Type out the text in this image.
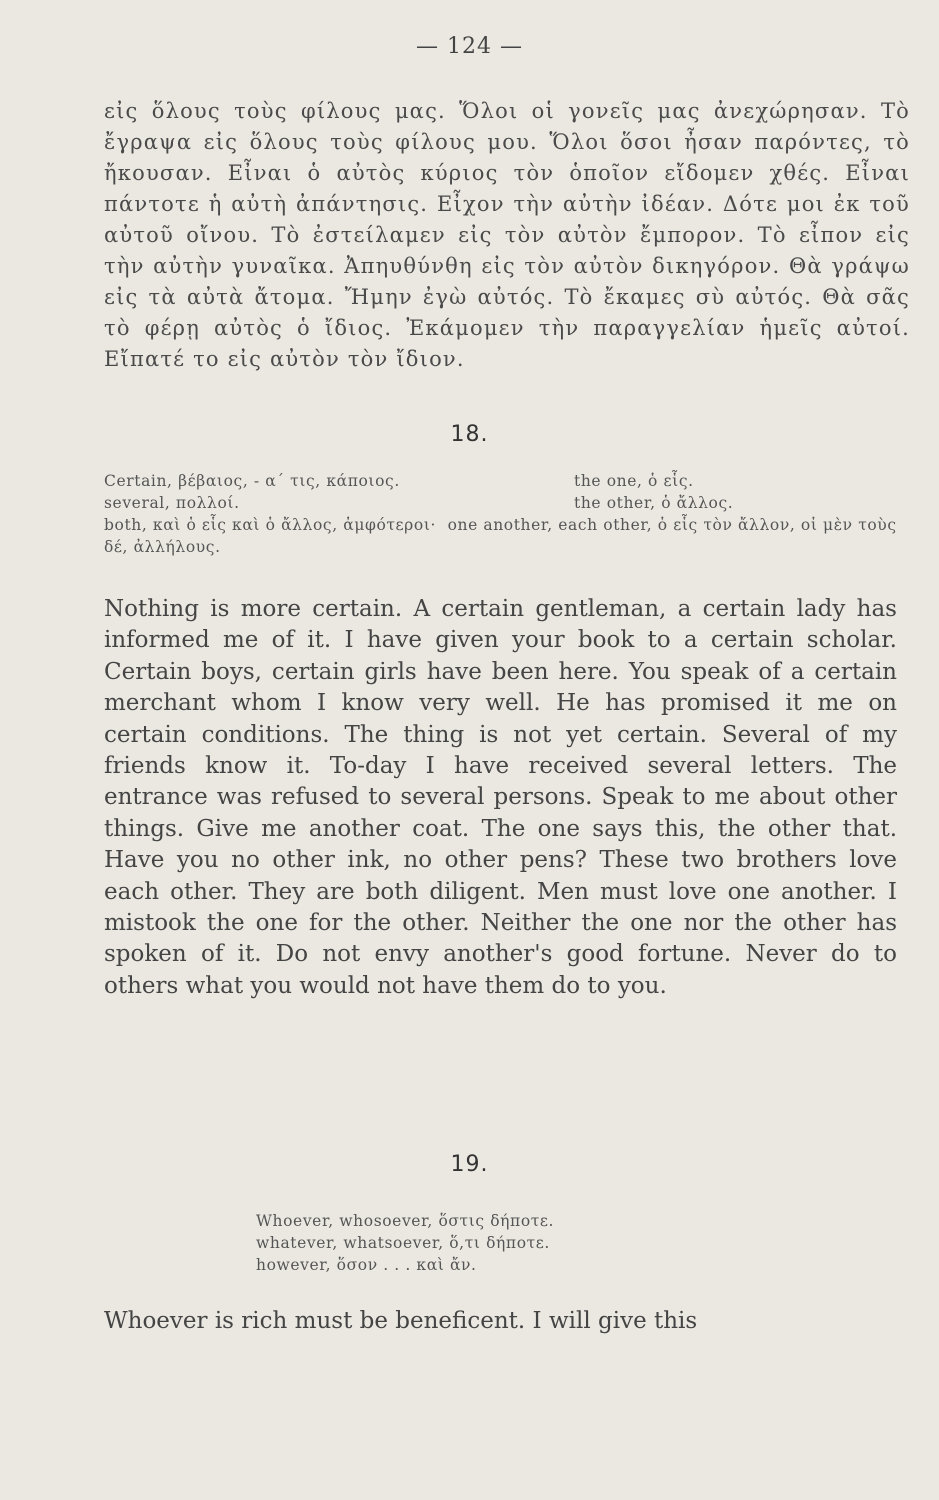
— 124 —

εἰς ὅλους τοὺς φίλους μας. Ὅλοι οἱ γονεῖς μας ἀνεχώρησαν. Τὸ ἔγραψα εἰς ὅλους τοὺς φίλους μου. Ὅλοι ὅσοι ἦσαν παρόντες, τὸ ἤκουσαν. Εἶναι ὁ αὐτὸς κύριος τὸν ὁποῖον εἴδομεν χθές. Εἶναι πάντοτε ἡ αὐτὴ ἀπάντησις. Εἶχον τὴν αὐτὴν ἰδέαν. Δότε μοι ἐκ τοῦ αὐτοῦ οἴνου. Τὸ ἐστείλαμεν εἰς τὸν αὐτὸν ἔμπορον. Τὸ εἶπον εἰς τὴν αὐτὴν γυναῖκα. Ἀπηυθύνθη εἰς τὸν αὐτὸν δικηγόρον. Θὰ γράψω εἰς τὰ αὐτὰ ἄτομα. Ἤμην ἐγὼ αὐτός. Τὸ ἔκαμες σὺ αὐτός. Θὰ σᾶς τὸ φέρῃ αὐτὸς ὁ ἴδιος. Ἐκάμομεν τὴν παραγγελίαν ἡμεῖς αὐτοί. Εἴπατέ το εἰς αὐτὸν τὸν ἴδιον.

18.
Certain, βέβαιος, - α΄ τις, κάποιος.	the one, ὁ εἷς.
several, πολλοί.	the other, ὁ ἄλλος.
both, καὶ ὁ εἷς καὶ ὁ ἄλλος, ἀμφότεροι· one another, each other, ὁ εἷς τὸν ἄλλον, οἱ μὲν τοὺς δέ, ἀλλήλους.

Nothing is more certain. A certain gentleman, a certain lady has informed me of it. I have given your book to a certain scholar. Certain boys, certain girls have been here. You speak of a certain merchant whom I know very well. He has promised it me on certain conditions. The thing is not yet certain. Several of my friends know it. To-day I have received several letters. The entrance was refused to several persons. Speak to me about other things. Give me another coat. The one says this, the other that. Have you no other ink, no other pens? These two brothers love each other. They are both diligent. Men must love one another. I mistook the one for the other. Neither the one nor the other has spoken of it. Do not envy another's good fortune. Never do to others what you would not have them do to you.

19.
Whoever, whosoever, ὅστις δήποτε.
whatever, whatsoever, ὅ,τι δήποτε.
however, ὅσον . . . καὶ ἄν.
Whoever is rich must be beneficent. I will give this
